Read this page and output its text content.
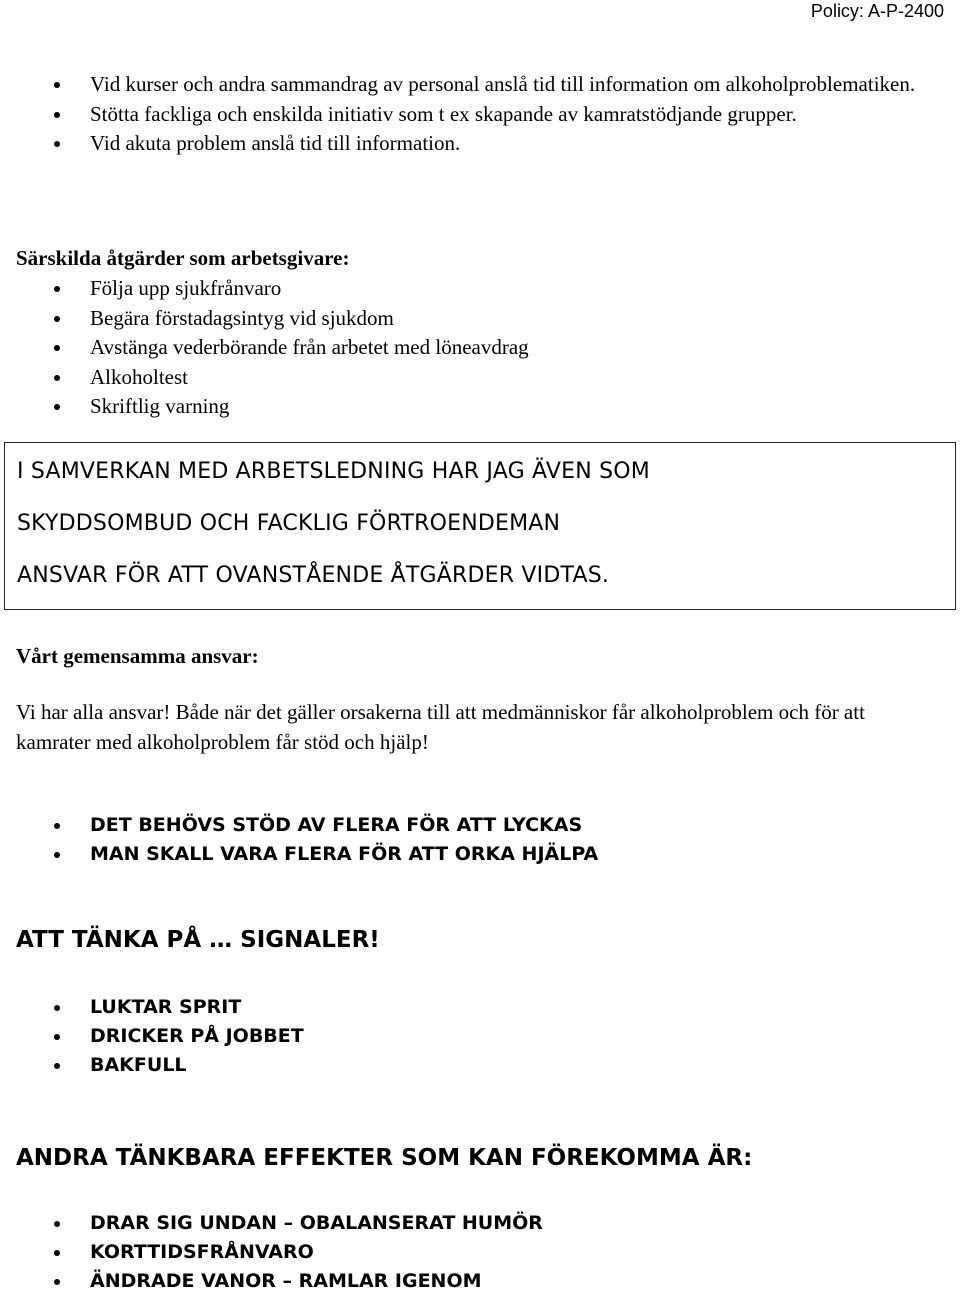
Policy: A-P-2400
Vid kurser och andra sammandrag av personal anslå tid till information om alkoholproblematiken.
Stötta fackliga och enskilda initiativ som t ex skapande av kamratstödjande grupper.
Vid akuta problem anslå tid till information.
Särskilda åtgärder som arbetsgivare:
Följa upp sjukfrånvaro
Begära förstadagsintyg vid sjukdom
Avstänga vederbörande från arbetet med löneavdrag
Alkoholtest
Skriftlig varning
I SAMVERKAN MED ARBETSLEDNING HAR JAG ÄVEN SOM
SKYDDSOMBUD OCH FACKLIG FÖRTROENDEMAN
ANSVAR FÖR ATT OVANSTÅENDE ÅTGÄRDER VIDTAS.
Vårt gemensamma ansvar:
Vi har alla ansvar! Både när det gäller orsakerna till att medmänniskor får alkoholproblem och för att kamrater med alkoholproblem får stöd och hjälp!
DET BEHÖVS STÖD AV FLERA FÖR ATT LYCKAS
MAN SKALL VARA FLERA FÖR ATT ORKA HJÄLPA
ATT TÄNKA PÅ … SIGNALER!
LUKTAR SPRIT
DRICKER PÅ JOBBET
BAKFULL
ANDRA TÄNKBARA EFFEKTER SOM KAN FÖREKOMMA ÄR:
DRAR SIG UNDAN – OBALANSERAT HUMÖR
KORTTIDSFRÅNVARO
ÄNDRADE VANOR – RAMLAR IGENOM
